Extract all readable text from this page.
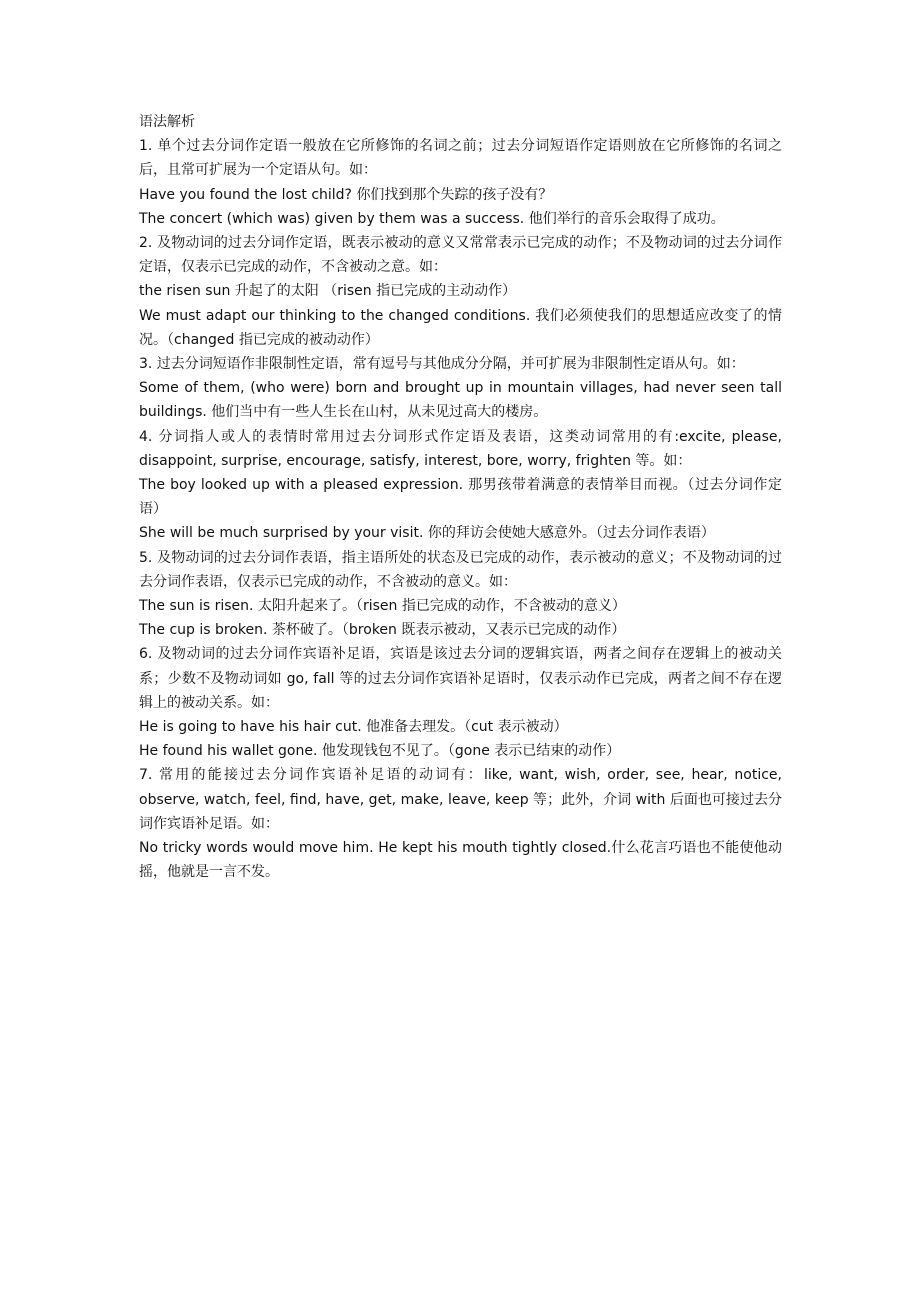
语法解析
1. 单个过去分词作定语一般放在它所修饰的名词之前；过去分词短语作定语则放在它所修饰的名词之后，且常可扩展为一个定语从句。如：
Have you found the lost child? 你们找到那个失踪的孩子没有？
The concert (which was) given by them was a success. 他们举行的音乐会取得了成功。
2. 及物动词的过去分词作定语，既表示被动的意义又常常表示已完成的动作；不及物动词的过去分词作定语，仅表示已完成的动作，不含被动之意。如：
the risen sun 升起了的太阳 （risen 指已完成的主动动作）
We must adapt our thinking to the changed conditions. 我们必须使我们的思想适应改变了的情况。（changed 指已完成的被动动作）
3. 过去分词短语作非限制性定语，常有逗号与其他成分分隔，并可扩展为非限制性定语从句。如：
Some of them, (who were) born and brought up in mountain villages, had never seen tall buildings. 他们当中有一些人生长在山村，从未见过高大的楼房。
4. 分词指人或人的表情时常用过去分词形式作定语及表语，这类动词常用的有:excite, please, disappoint, surprise, encourage, satisfy, interest, bore, worry, frighten 等。如：
The boy looked up with a pleased expression. 那男孩带着满意的表情举目而视。（过去分词作定语）
She will be much surprised by your visit. 你的拜访会使她大感意外。（过去分词作表语）
5. 及物动词的过去分词作表语，指主语所处的状态及已完成的动作，表示被动的意义；不及物动词的过去分词作表语，仅表示已完成的动作，不含被动的意义。如：
The sun is risen. 太阳升起来了。（risen 指已完成的动作，不含被动的意义）
The cup is broken. 茶杯破了。（broken 既表示被动，又表示已完成的动作）
6. 及物动词的过去分词作宾语补足语，宾语是该过去分词的逻辑宾语，两者之间存在逻辑上的被动关系；少数不及物动词如 go, fall 等的过去分词作宾语补足语时，仅表示动作已完成，两者之间不存在逻辑上的被动关系。如：
He is going to have his hair cut. 他准备去理发。（cut 表示被动）
He found his wallet gone. 他发现钱包不见了。（gone 表示已结束的动作）
7. 常用的能接过去分词作宾语补足语的动词有：like, want, wish, order, see, hear, notice, observe, watch, feel, find, have, get, make, leave, keep 等；此外，介词 with 后面也可接过去分词作宾语补足语。如：
No tricky words would move him. He kept his mouth tightly closed.什么花言巧语也不能使他动摇，他就是一言不发。
